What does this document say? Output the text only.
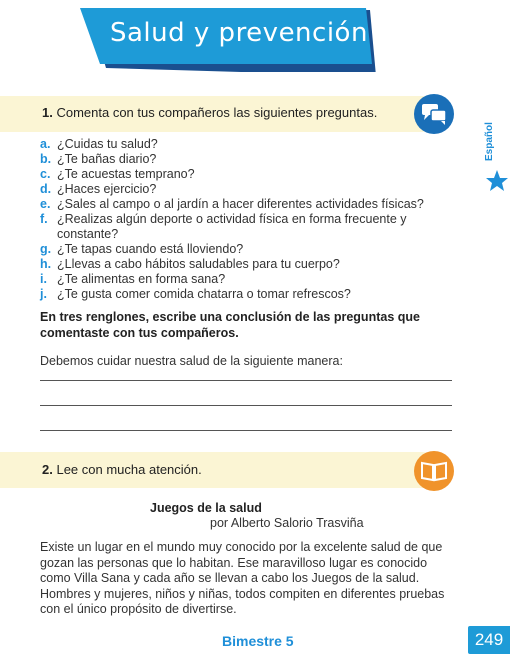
Salud y prevención
Español
1. Comenta con tus compañeros las siguientes preguntas.
a. ¿Cuidas tu salud?
b. ¿Te bañas diario?
c. ¿Te acuestas temprano?
d. ¿Haces ejercicio?
e. ¿Sales al campo o al jardín a hacer diferentes actividades físicas?
f. ¿Realizas algún deporte o actividad física en forma frecuente y constante?
g. ¿Te tapas cuando está lloviendo?
h. ¿Llevas a cabo hábitos saludables para tu cuerpo?
i. ¿Te alimentas en forma sana?
j. ¿Te gusta comer comida chatarra o tomar refrescos?
En tres renglones, escribe una conclusión de las preguntas que comentaste con tus compañeros.
Debemos cuidar nuestra salud de la siguiente manera:
2. Lee con mucha atención.
Juegos de la salud
por Alberto Salorio Trasviña
Existe un lugar en el mundo muy conocido por la excelente salud de que gozan las personas que lo habitan. Ese maravilloso lugar es conocido como Villa Sana y cada año se llevan a cabo los Juegos de la salud. Hombres y mujeres, niños y niñas, todos compiten en diferentes pruebas con el único propósito de divertirse.
Bimestre 5	249
